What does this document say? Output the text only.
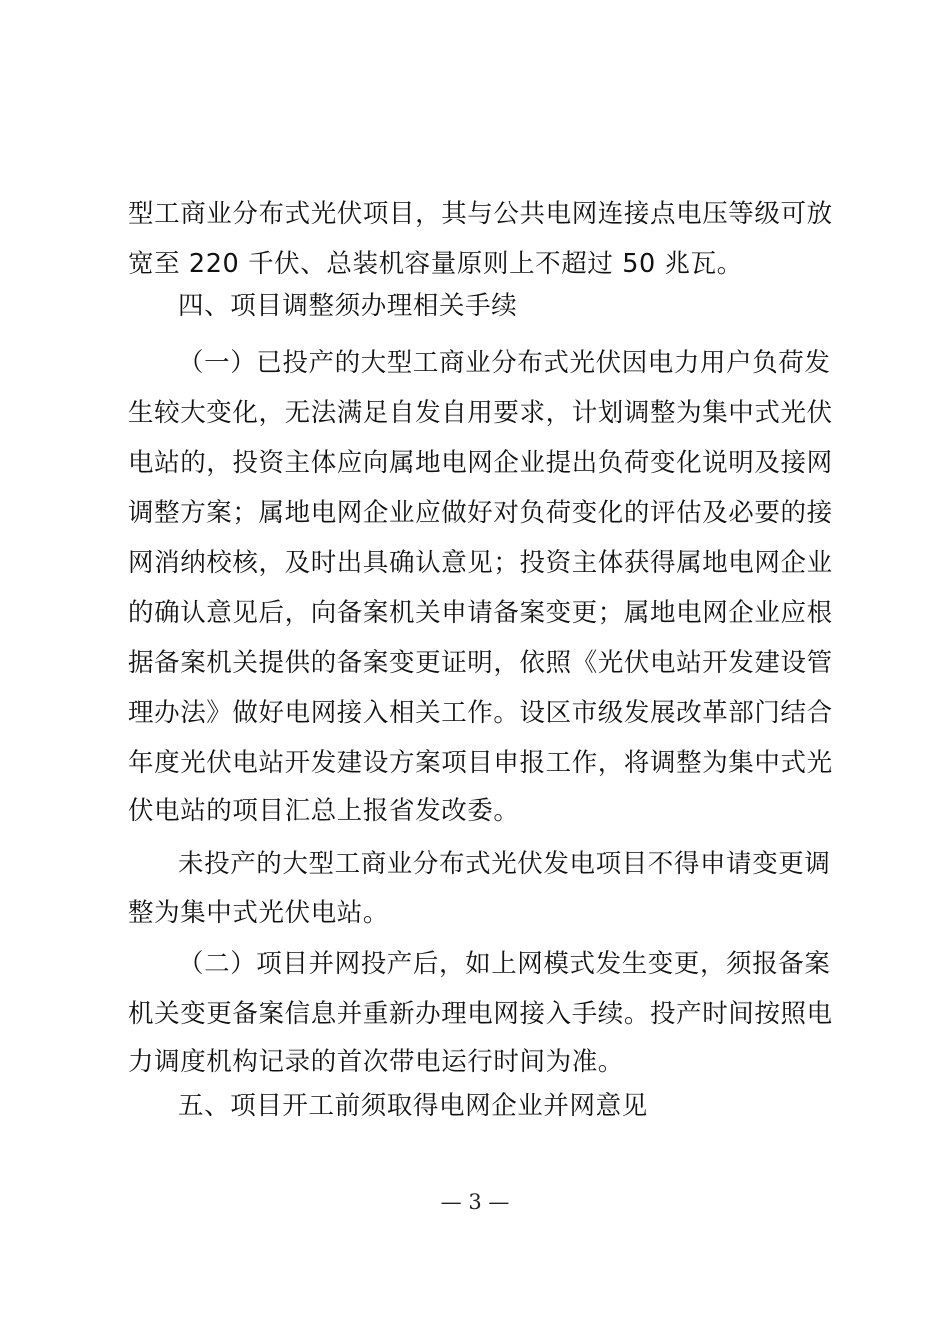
型工商业分布式光伏项目，其与公共电网连接点电压等级可放
宽至 220 千伏、总装机容量原则上不超过 50 兆瓦。
四、项目调整须办理相关手续
（一）已投产的大型工商业分布式光伏因电力用户负荷发
生较大变化，无法满足自发自用要求，计划调整为集中式光伏
电站的，投资主体应向属地电网企业提出负荷变化说明及接网
调整方案；属地电网企业应做好对负荷变化的评估及必要的接
网消纳校核，及时出具确认意见；投资主体获得属地电网企业
的确认意见后，向备案机关申请备案变更；属地电网企业应根
据备案机关提供的备案变更证明，依照《光伏电站开发建设管
理办法》做好电网接入相关工作。设区市级发展改革部门结合
年度光伏电站开发建设方案项目申报工作，将调整为集中式光
伏电站的项目汇总上报省发改委。
未投产的大型工商业分布式光伏发电项目不得申请变更调
整为集中式光伏电站。
（二）项目并网投产后，如上网模式发生变更，须报备案
机关变更备案信息并重新办理电网接入手续。投产时间按照电
力调度机构记录的首次带电运行时间为准。
五、项目开工前须取得电网企业并网意见
— 3 —
